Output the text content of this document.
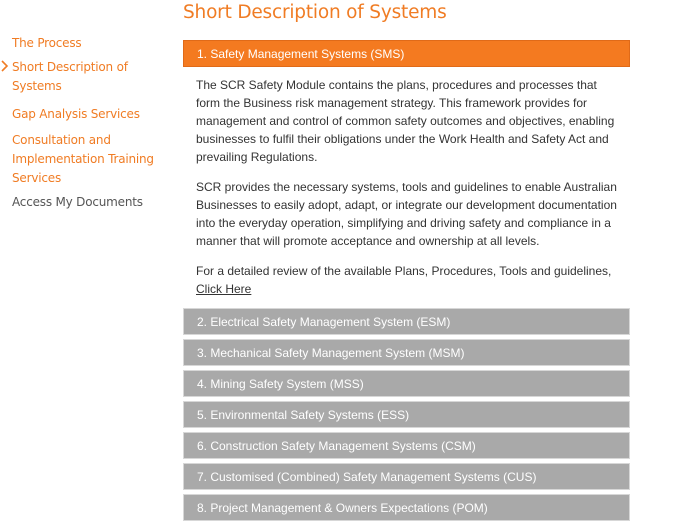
The Process
Short Description of Systems
Gap Analysis Services
Consultation and Implementation Training Services
Access My Documents
Short Description of Systems
1. Safety Management Systems (SMS)

The SCR Safety Module contains the plans, procedures and processes that form the Business risk management strategy. This framework provides for management and control of common safety outcomes and objectives, enabling businesses to fulfil their obligations under the Work Health and Safety Act and prevailing Regulations.

SCR provides the necessary systems, tools and guidelines to enable Australian Businesses to easily adopt, adapt, or integrate our development documentation into the everyday operation, simplifying and driving safety and compliance in a manner that will promote acceptance and ownership at all levels.

For a detailed review of the available Plans, Procedures, Tools and guidelines,
Click Here

2. Electrical Safety Management System (ESM)
3. Mechanical Safety Management System (MSM)
4. Mining Safety System (MSS)
5. Environmental Safety Systems (ESS)
6. Construction Safety Management Systems (CSM)
7. Customised (Combined) Safety Management Systems (CUS)
8. Project Management & Owners Expectations (POM)
